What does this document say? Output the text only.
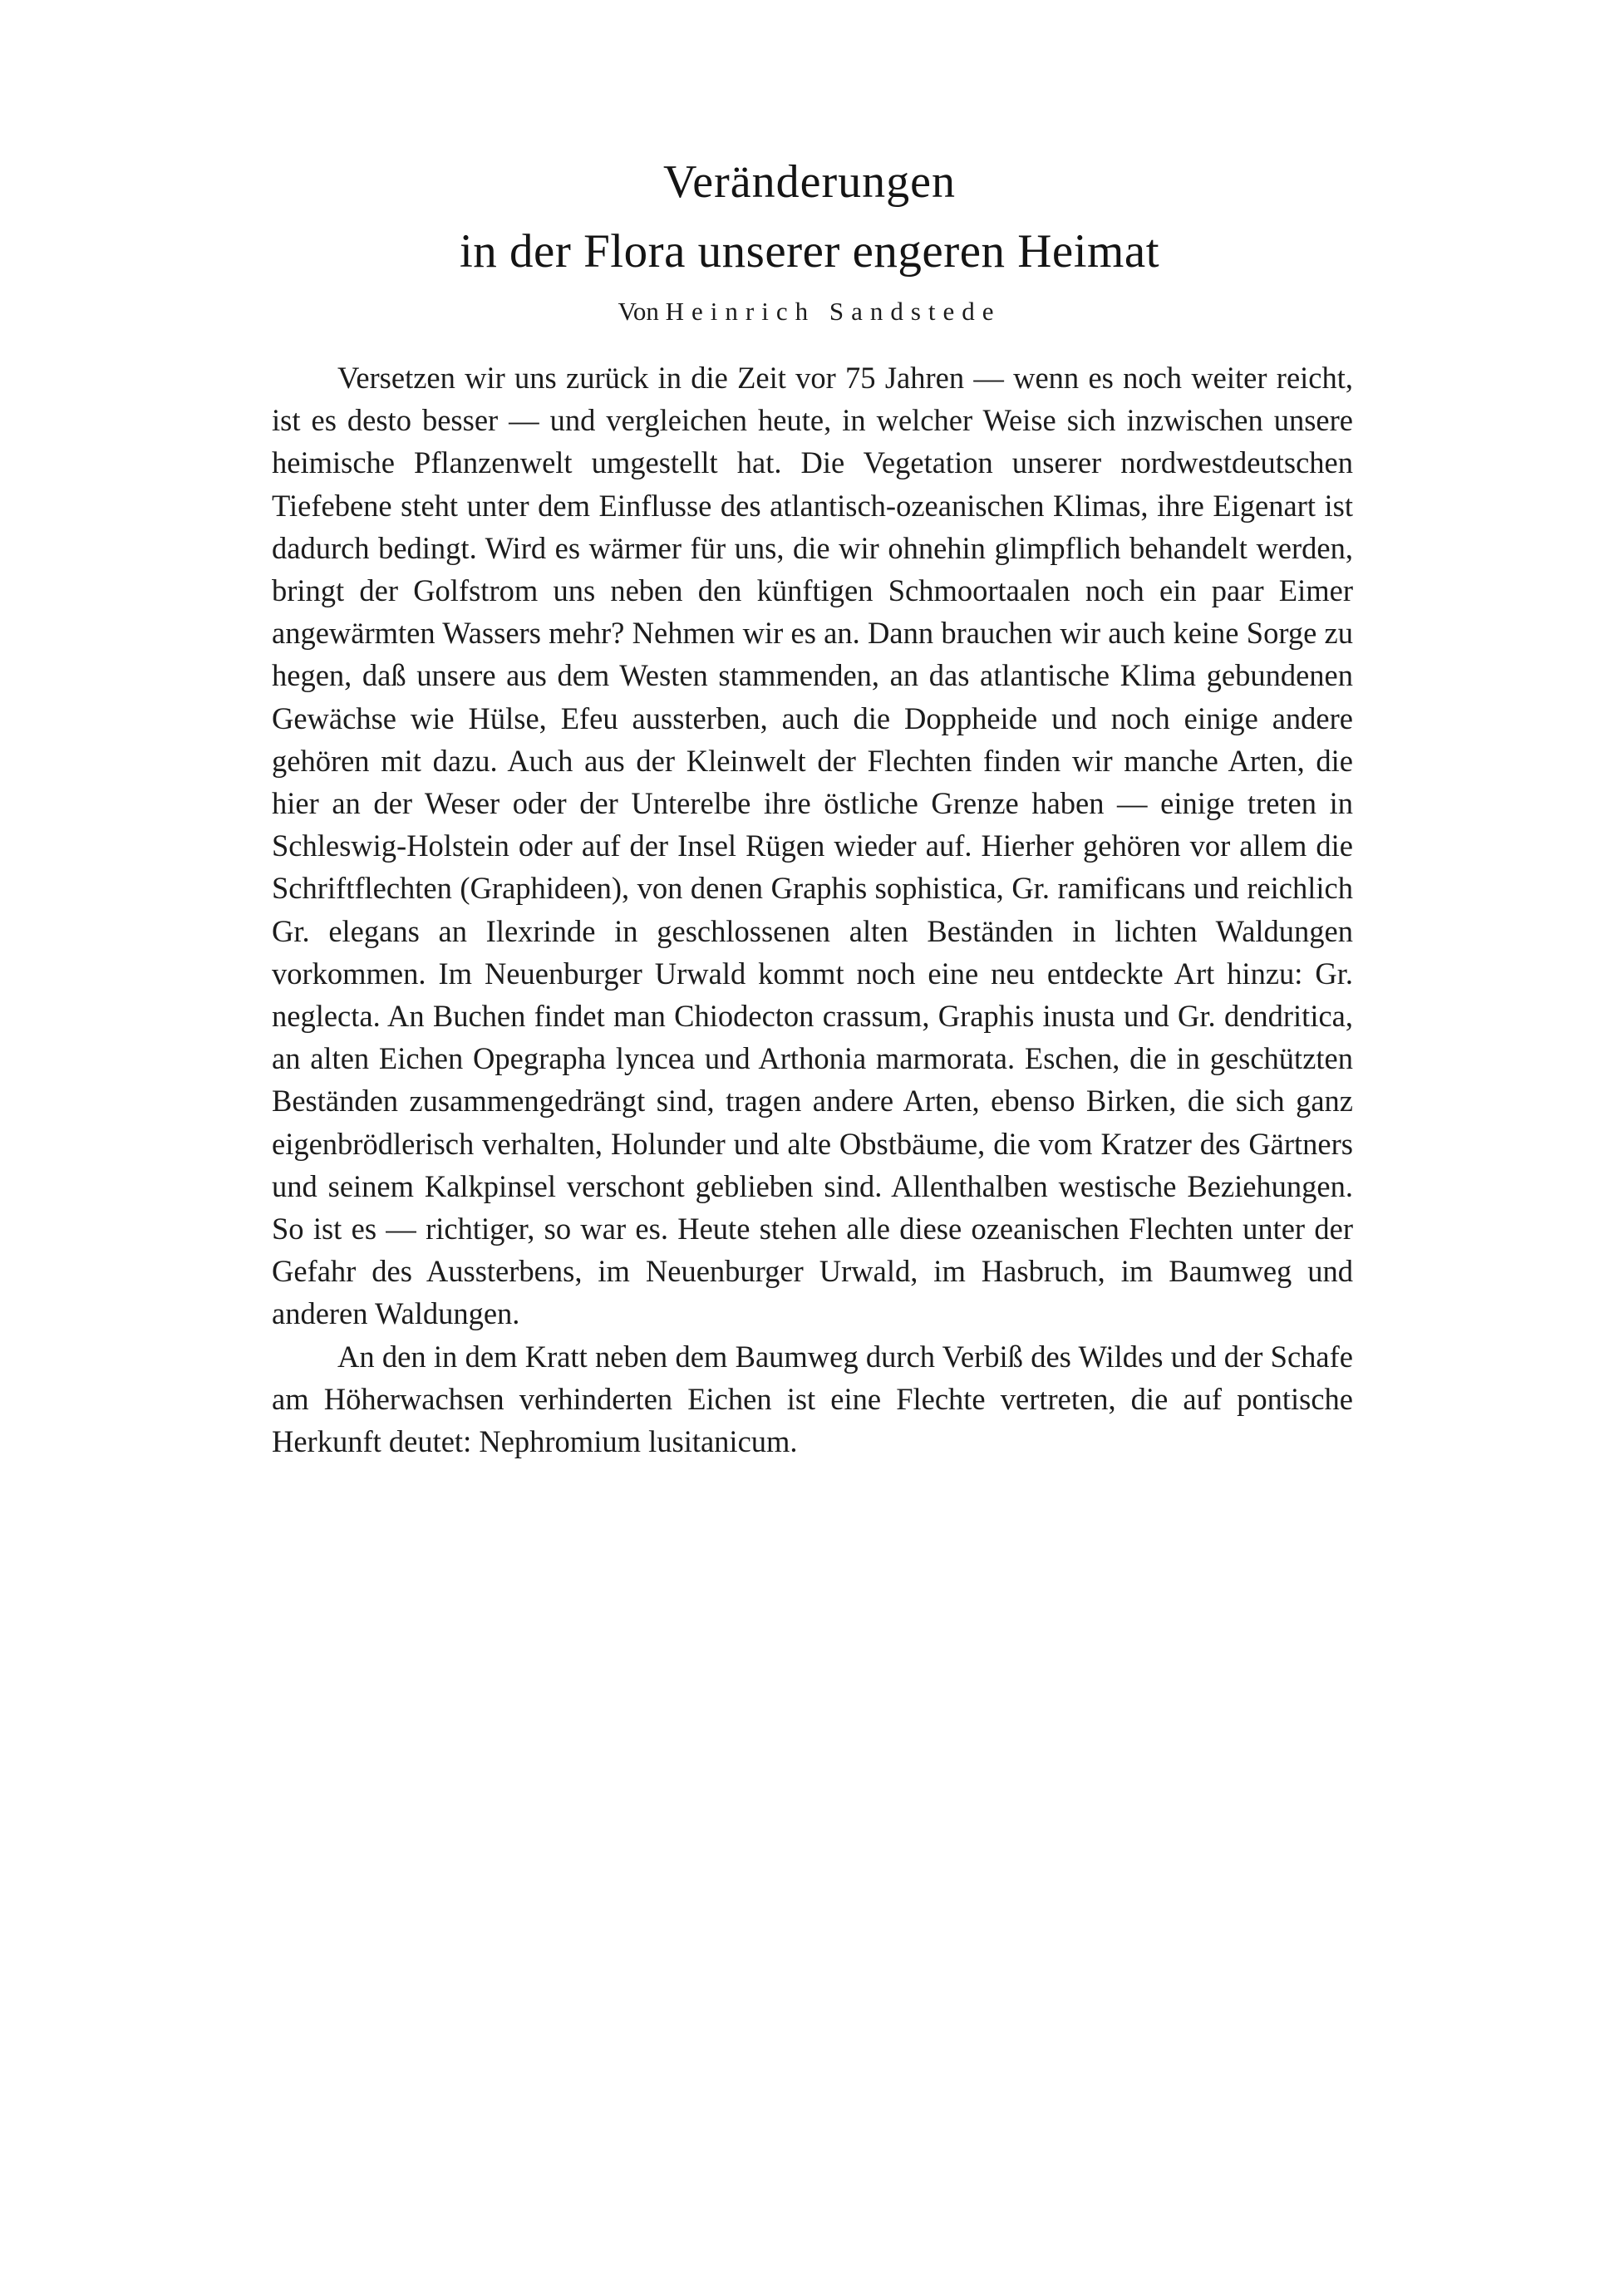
Veränderungen
in der Flora unserer engeren Heimat
Von Heinrich Sandstede

Versetzen wir uns zurück in die Zeit vor 75 Jahren — wenn es noch weiter reicht, ist es desto besser — und vergleichen heute, in welcher Weise sich inzwischen unsere heimische Pflanzenwelt umgestellt hat. Die Vegetation unserer nordwestdeutschen Tiefebene steht unter dem Einflusse des atlantisch-ozeanischen Klimas, ihre Eigenart ist dadurch bedingt. Wird es wärmer für uns, die wir ohnehin glimpflich behandelt werden, bringt der Golfstrom uns neben den künftigen Schmoortaalen noch ein paar Eimer angewärmten Wassers mehr? Nehmen wir es an. Dann brauchen wir auch keine Sorge zu hegen, daß unsere aus dem Westen stammenden, an das atlantische Klima gebundenen Gewächse wie Hülse, Efeu aussterben, auch die Doppheide und noch einige andere gehören mit dazu. Auch aus der Kleinwelt der Flechten finden wir manche Arten, die hier an der Weser oder der Unterelbe ihre östliche Grenze haben — einige treten in Schleswig-Holstein oder auf der Insel Rügen wieder auf. Hierher gehören vor allem die Schriftflechten (Graphideen), von denen Graphis sophistica, Gr. ramificans und reichlich Gr. elegans an Ilexrinde in geschlossenen alten Beständen in lichten Waldungen vorkommen. Im Neuenburger Urwald kommt noch eine neu entdeckte Art hinzu: Gr. neglecta. An Buchen findet man Chiodecton crassum, Graphis inusta und Gr. dendritica, an alten Eichen Opegrapha lyncea und Arthonia marmorata. Eschen, die in geschützten Beständen zusammengedrängt sind, tragen andere Arten, ebenso Birken, die sich ganz eigenbrödlerisch verhalten, Holunder und alte Obstbäume, die vom Kratzer des Gärtners und seinem Kalkpinsel verschont geblieben sind. Allenthalben westische Beziehungen. So ist es — richtiger, so war es. Heute stehen alle diese ozeanischen Flechten unter der Gefahr des Aussterbens, im Neuenburger Urwald, im Hasbruch, im Baumweg und anderen Waldungen.

An den in dem Kratt neben dem Baumweg durch Verbiß des Wildes und der Schafe am Höherwachsen verhinderten Eichen ist eine Flechte vertreten, die auf pontische Herkunft deutet: Nephromium lusitanicum.
